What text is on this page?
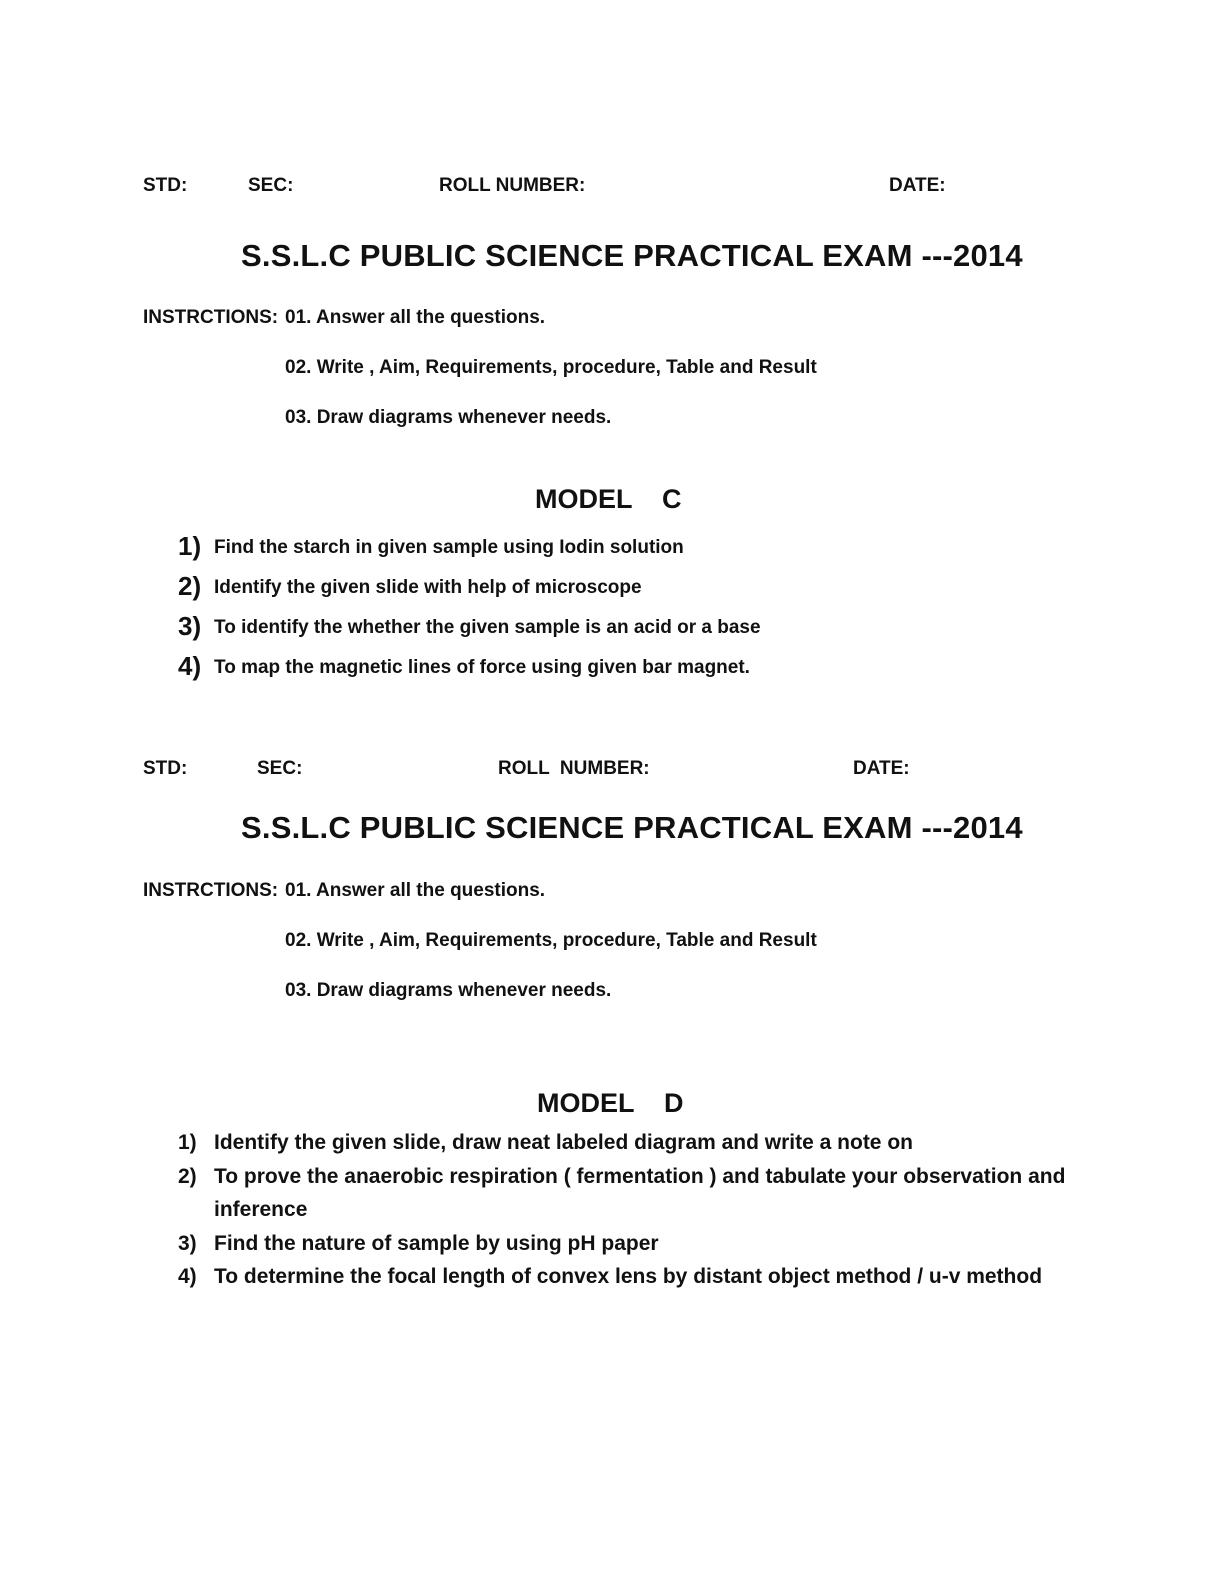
STD:	SEC:	ROLL NUMBER:	DATE:
S.S.L.C PUBLIC SCIENCE PRACTICAL EXAM ---2014
INSTRCTIONS: 01. Answer all the questions.
02. Write , Aim, Requirements, procedure, Table and Result
03. Draw diagrams whenever needs.
MODEL    C
1) Find the starch in given sample using Iodin solution
2) Identify the given slide with help of microscope
3) To identify the whether the given sample is an acid or a base
4) To map the magnetic lines of force using given bar magnet.
STD:	SEC:	ROLL  NUMBER:	DATE:
S.S.L.C PUBLIC SCIENCE PRACTICAL EXAM ---2014
INSTRCTIONS: 01. Answer all the questions.
02. Write , Aim, Requirements, procedure, Table and Result
03. Draw diagrams whenever needs.
MODEL    D
1) Identify the given slide, draw neat labeled diagram and write a note on
2) To prove the anaerobic respiration ( fermentation ) and tabulate your observation and
inference
3) Find the nature of sample by using pH paper
4) To determine the focal length of convex lens by distant object method / u-v method
